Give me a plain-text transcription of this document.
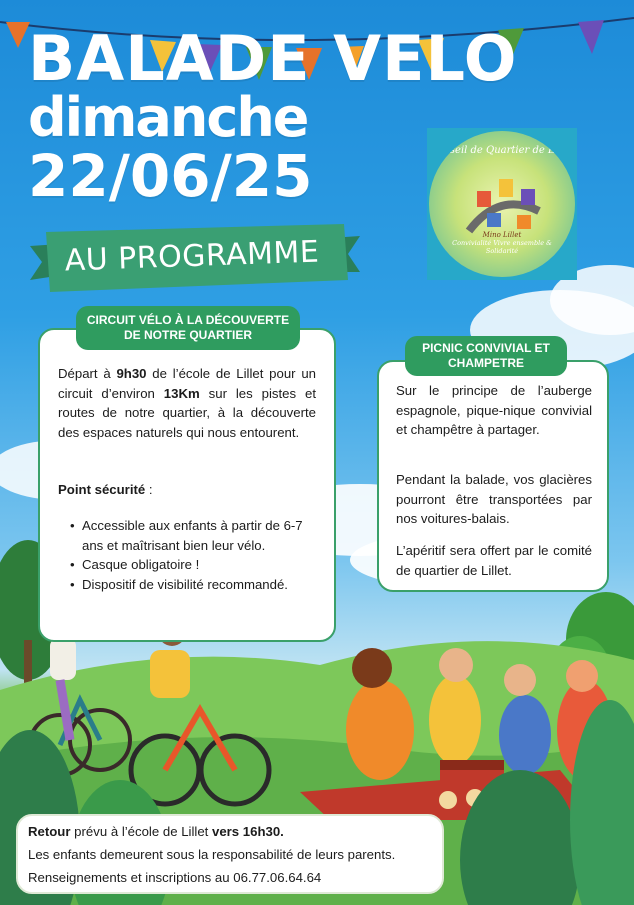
BALADE VELO
dimanche
22/06/25	Conseil de Quartier de Lillet
Mino Lillet
Convivialité Vivre ensemble & Solidarité
AU PROGRAMME
CIRCUIT VÉLO À LA DÉCOUVERTE DE NOTRE QUARTIER
Départ à 9h30 de l’école de Lillet pour un circuit d’environ 13Km sur les pistes et routes de notre quartier, à la découverte des espaces naturels qui nous entourent.
Point sécurité :
• Accessible aux enfants à partir de 6-7 ans et maîtrisant bien leur vélo.
• Casque obligatoire !
• Dispositif de visibilité recommandé.
PICNIC CONVIVIAL ET CHAMPETRE
Sur le principe de l’auberge espagnole, pique-nique convivial et champêtre à partager.
Pendant la balade, vos glacières pourront être transportées par nos voitures-balais.
L’apéritif sera offert par le comité de quartier de Lillet.
Retour prévu à l’école de Lillet vers 16h30.
Les enfants demeurent sous la responsabilité de leurs parents.
Renseignements et inscriptions au 06.77.06.64.64
